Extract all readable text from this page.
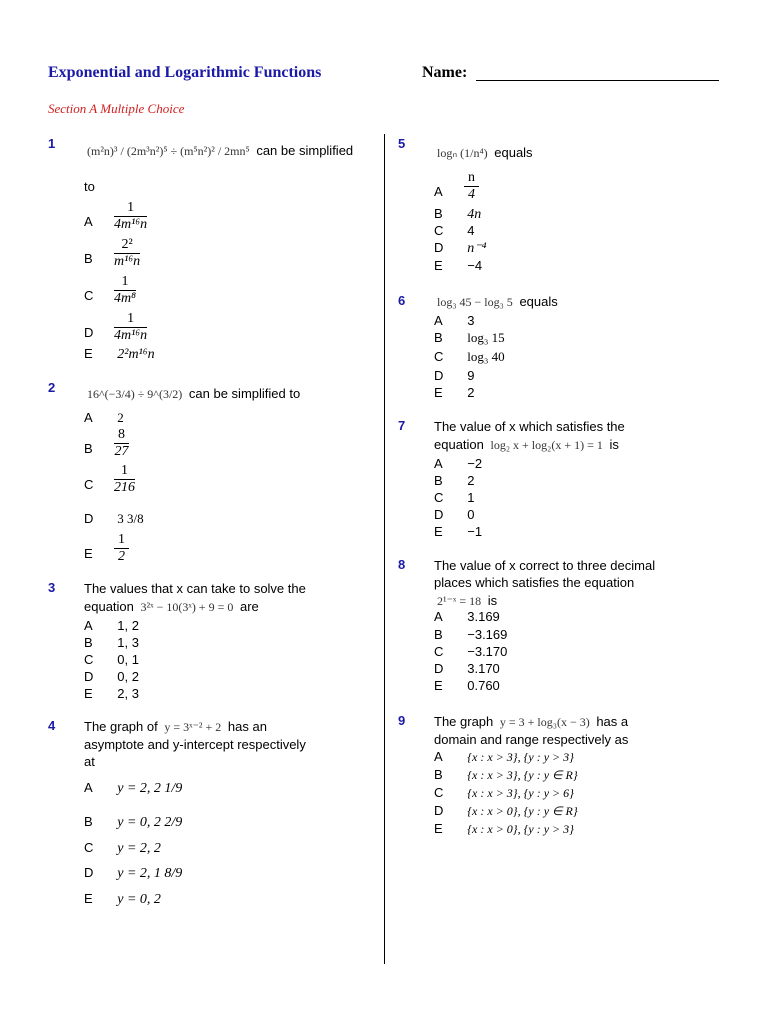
Exponential and Logarithmic Functions	Name:
Section A Multiple Choice
1	(m²n)³ / (2m³n²)⁵ ÷ (m⁵n²)² / 2mn⁵ can be simplified
to
A $\frac{1}{\text{4m¹⁶n}}$
B $\frac{\text{2²}}{\text{m¹⁶n}}$
C $\frac{1}{\text{4m⁸}}$
D $\frac{1}{\text{4m¹⁶n}}$
E 2²m¹⁶n
2	16^(−3/4) ÷ 9^(3/2) can be simplified to
A 2
B $\frac{8}{27}$
C $\frac{1}{216}$
D 3 3/8
E $\frac{1}{2}$
3 The values that x can take to solve the
equation 3²ˣ − 10(3ˣ) + 9 = 0 are
A 1, 2
B 1, 3
C 0, 1
D 0, 2
E 2, 3
4 The graph of y = 3ˣ⁻² + 2 has an
asymptote and y-intercept respectively
at
A y = 2, 2 1/9
B y = 0, 2 2/9
C y = 2, 2
D y = 2, 1 8/9
E y = 0, 2
5
logₙ (1/n⁴) equals
A $\frac{n}{4}$
B 4n
C 4
D n⁻⁴
E −4
6	log₃ 45 − log₃ 5 equals
A 3
B log₃ 15
C log₃ 40
D 9
E 2
7 The value of x which satisfies the
equation log₂ x + log₂(x + 1) = 1 is
A −2
B 2
C 1
D 0
E −1
8 The value of x correct to three decimal
places which satisfies the equation
2¹⁻ˣ = 18 is
A 3.169
B −3.169
C −3.170
D 3.170
E 0.760
9 The graph y = 3 + log₃(x − 3) has a
domain and range respectively as
A {x : x > 3}, {y : y > 3}
B {x : x > 3}, {y : y ∈ R}
C {x : x > 3}, {y : y > 6}
D {x : x > 0}, {y : y ∈ R}
E {x : x > 0}, {y : y > 3}
